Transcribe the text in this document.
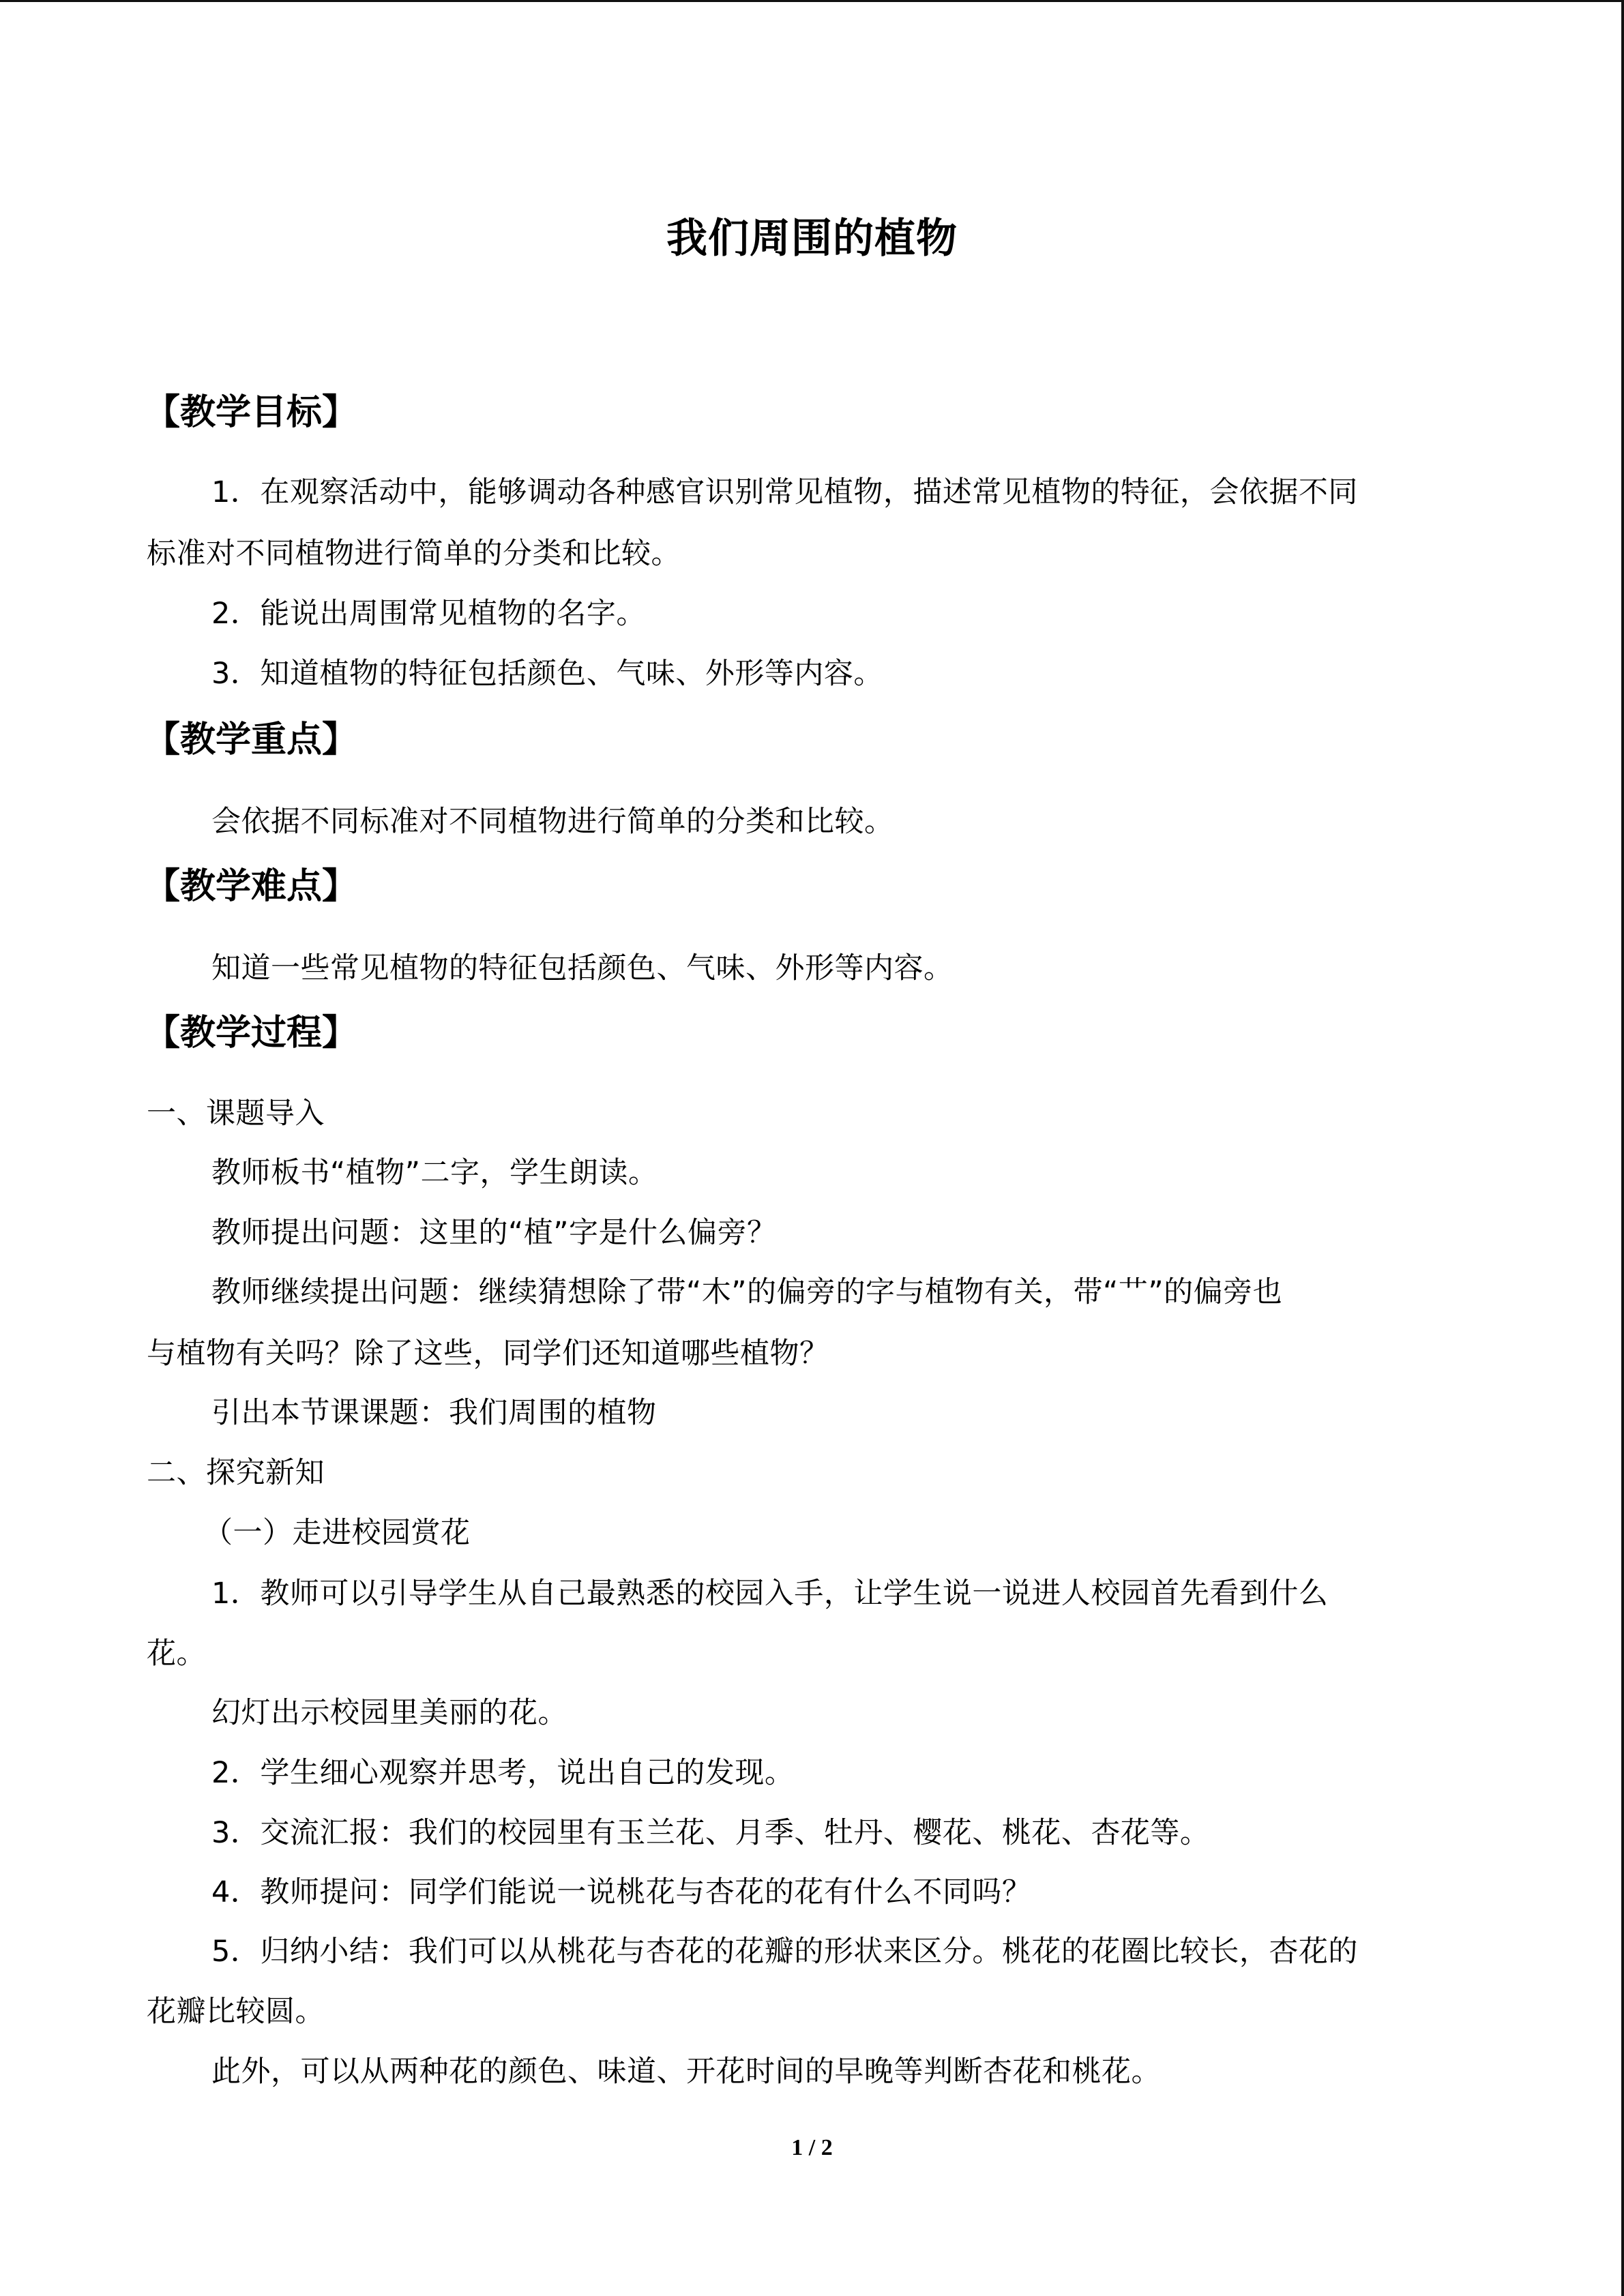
我们周围的植物
【教学目标】
1．在观察活动中，能够调动各种感官识别常见植物，描述常见植物的特征，会依据不同
标准对不同植物进行简单的分类和比较。
2．能说出周围常见植物的名字。
3．知道植物的特征包括颜色、气味、外形等内容。
【教学重点】
会依据不同标准对不同植物进行简单的分类和比较。
【教学难点】
知道一些常见植物的特征包括颜色、气味、外形等内容。
【教学过程】
一、课题导入
教师板书“植物”二字，学生朗读。
教师提出问题：这里的“植”字是什么偏旁？
教师继续提出问题：继续猜想除了带“木”的偏旁的字与植物有关，带“艹”的偏旁也
与植物有关吗？除了这些，同学们还知道哪些植物？
引出本节课课题：我们周围的植物
二、探究新知
（一）走进校园赏花
1．教师可以引导学生从自己最熟悉的校园入手，让学生说一说进人校园首先看到什么
花。
幻灯出示校园里美丽的花。
2．学生细心观察并思考，说出自己的发现。
3．交流汇报：我们的校园里有玉兰花、月季、牡丹、樱花、桃花、杏花等。
4．教师提问：同学们能说一说桃花与杏花的花有什么不同吗？
5．归纳小结：我们可以从桃花与杏花的花瓣的形状来区分。桃花的花圈比较长，杏花的
花瓣比较圆。
此外，可以从两种花的颜色、味道、开花时间的早晚等判断杏花和桃花。
1 / 2
